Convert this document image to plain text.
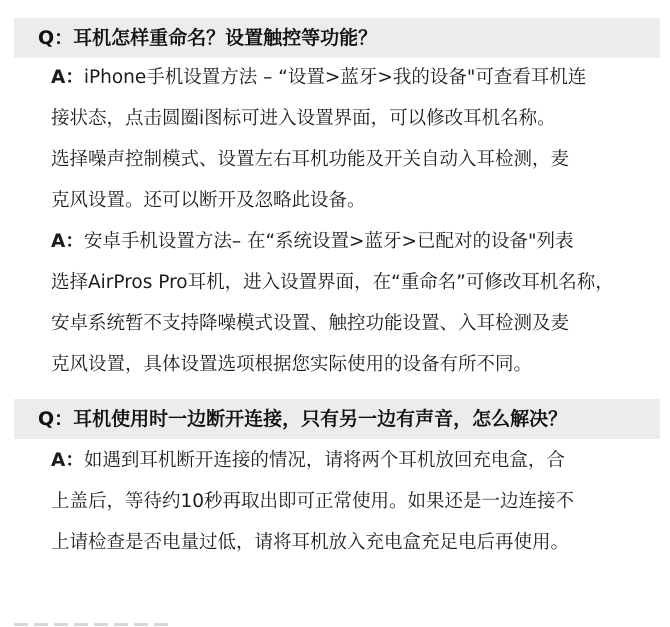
Q：耳机怎样重命名？设置触控等功能？
A：iPhone手机设置方法 – “设置>蓝牙>我的设备"可查看耳机连
接状态，点击圆圈i图标可进入设置界面，可以修改耳机名称。
选择噪声控制模式、设置左右耳机功能及开关自动入耳检测，麦
克风设置。还可以断开及忽略此设备。
A：安卓手机设置方法– 在“系统设置>蓝牙>已配对的设备"列表
选择AirPros Pro耳机，进入设置界面，在“重命名”可修改耳机名称，
安卓系统暂不支持降噪模式设置、触控功能设置、入耳检测及麦
克风设置，具体设置选项根据您实际使用的设备有所不同。
Q：耳机使用时一边断开连接，只有另一边有声音，怎么解决？
A：如遇到耳机断开连接的情况，请将两个耳机放回充电盒，合
上盖后，等待约10秒再取出即可正常使用。如果还是一边连接不
上请检查是否电量过低，请将耳机放入充电盒充足电后再使用。
